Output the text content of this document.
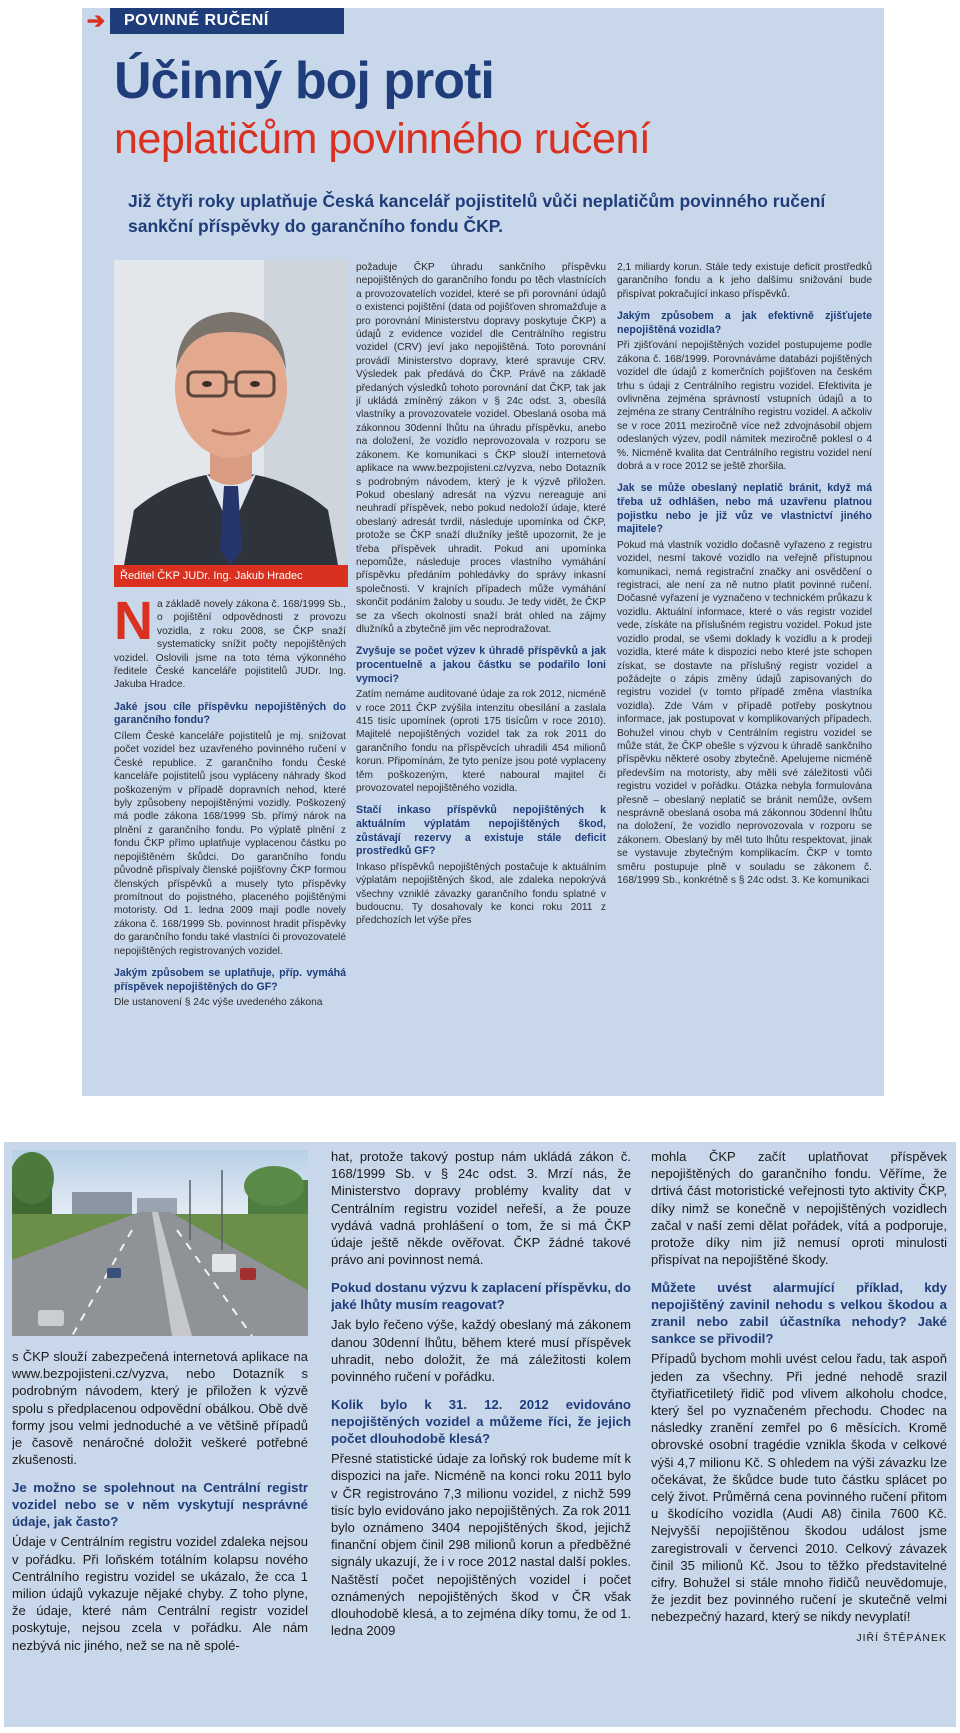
➔	POVINNÉ RUČENÍ
Účinný boj proti
neplatičům povinného ručení
Již čtyři roky uplatňuje Česká kancelář pojistitelů vůči neplatičům povinného ručení sankční příspěvky do garančního fondu ČKP.
Ředitel ČKP JUDr. Ing. Jakub Hradec

Na základě novely zákona č. 168/1999 Sb., o pojištění odpovědnosti z provozu vozidla, z roku 2008, se ČKP snaží systematicky snížit počty nepojištěných vozidel. Oslovili jsme na toto téma výkonného ředitele České kanceláře pojistitelů JUDr. Ing. Jakuba Hradce.

Jaké jsou cíle příspěvku nepojištěných do garančního fondu?

Cílem České kanceláře pojistitelů je mj. snižovat počet vozidel bez uzavřeného povinného ručení v České republice. Z garančního fondu České kanceláře pojistitelů jsou vypláceny náhrady škod poškozeným v případě dopravních nehod, které byly způsobeny nepojištěnými vozidly. Poškozený má podle zákona 168/1999 Sb. přímý nárok na plnění z garančního fondu. Po výplatě plnění z fondu ČKP přímo uplatňuje vyplacenou částku po nepojištěném škůdci. Do garančního fondu původně přispívaly členské pojišťovny ČKP formou členských příspěvků a musely tyto příspěvky promítnout do pojistného, placeného pojištěnými motoristy. Od 1. ledna 2009 mají podle novely zákona č. 168/1999 Sb. povinnost hradit příspěvky do garančního fondu také vlastníci či provozovatelé nepojištěných registrovaných vozidel.

Jakým způsobem se uplatňuje, příp. vymáhá příspěvek nepojištěných do GF?

Dle ustanovení § 24c výše uvedeného zákona

požaduje ČKP úhradu sankčního příspěvku nepojištěných do garančního fondu po těch vlastnících a provozovatelích vozidel, které se při porovnání údajů o existenci pojištění (data od pojišťoven shromažďuje a pro porovnání Ministerstvu dopravy poskytuje ČKP) a údajů z evidence vozidel dle Centrálního registru vozidel (CRV) jeví jako nepojištěná. Toto porovnání provádí Ministerstvo dopravy, které spravuje CRV. Výsledek pak předává do ČKP. Právě na základě předaných výsledků tohoto porovnání dat ČKP, tak jak jí ukládá zmíněný zákon v § 24c odst. 3, obesílá vlastníky a provozovatele vozidel. Obeslaná osoba má zákonnou 30denní lhůtu na úhradu příspěvku, anebo na doložení, že vozidlo neprovozovala v rozporu se zákonem. Ke komunikaci s ČKP slouží internetová aplikace na www.bezpojisteni.cz/vyzva, nebo Dotazník s podrobným návodem, který je k výzvě přiložen. Pokud obeslaný adresát na výzvu nereaguje ani neuhradí příspěvek, nebo pokud nedoloží údaje, které obeslaný adresát tvrdil, následuje upomínka od ČKP, protože se ČKP snaží dlužníky ještě upozornit, že je třeba příspěvek uhradit. Pokud ani upomínka nepomůže, následuje proces vlastního vymáhání příspěvku předáním pohledávky do správy inkasní společnosti. V krajních případech může vymáhání skončit podáním žaloby u soudu. Je tedy vidět, že ČKP se za všech okolností snaží brát ohled na zájmy dlužníků a zbytečně jim věc neprodražovat.

Zvyšuje se počet výzev k úhradě příspěvků a jak procentuelně a jakou částku se podařilo loni vymoci?

Zatím nemáme auditované údaje za rok 2012, nicméně v roce 2011 ČKP zvýšila intenzitu obesílání a zaslala 415 tisíc upomínek (oproti 175 tisícům v roce 2010). Majitelé nepojištěných vozidel tak za rok 2011 do garančního fondu na příspěvcích uhradili 454 milionů korun. Připomínám, že tyto peníze jsou poté vyplaceny těm poškozeným, které naboural majitel či provozovatel nepojištěného vozidla.

Stačí inkaso příspěvků nepojištěných k aktuálním výplatám nepojištěných škod, zůstávají rezervy a existuje stále deficit prostředků GF?

Inkaso příspěvků nepojištěných postačuje k aktuálním výplatám nepojištěných škod, ale zdaleka nepokrývá všechny vzniklé závazky garančního fondu splatné v budoucnu. Ty dosahovaly ke konci roku 2011 z předchozích let výše přes

2,1 miliardy korun. Stále tedy existuje deficit prostředků garančního fondu a k jeho dalšímu snižování bude přispívat pokračující inkaso příspěvků.

Jakým způsobem a jak efektivně zjišťujete nepojištěná vozidla?

Při zjišťování nepojištěných vozidel postupujeme podle zákona č. 168/1999. Porovnáváme databázi pojištěných vozidel dle údajů z komerčních pojišťoven na českém trhu s údaji z Centrálního registru vozidel. Efektivita je ovlivněna zejména správností vstupních údajů a to zejména ze strany Centrálního registru vozidel. A ačkoliv se v roce 2011 meziročně více než zdvojnásobil objem odeslaných výzev, podíl námitek meziročně poklesl o 4 %. Nicméně kvalita dat Centrálního registru vozidel není dobrá a v roce 2012 se ještě zhoršila.

Jak se může obeslaný neplatič bránit, když má třeba už odhlášen, nebo má uzavřenu platnou pojistku nebo je již vůz ve vlastnictví jiného majitele?

Pokud má vlastník vozidlo dočasně vyřazeno z registru vozidel, nesmí takové vozidlo na veřejně přístupnou komunikaci, nemá registrační značky ani osvědčení o registraci, ale není za ně nutno platit povinné ručení. Dočasné vyřazení je vyznačeno v technickém průkazu k vozidlu. Aktuální informace, které o vás registr vozidel vede, získáte na příslušném registru vozidel. Pokud jste vozidlo prodal, se všemi doklady k vozidlu a k prodeji vozidla, které máte k dispozici nebo které jste schopen získat, se dostavte na příslušný registr vozidel a požádejte o zápis změny údajů zapisovaných do registru vozidel (v tomto případě změna vlastníka vozidla). Zde Vám v případě potřeby poskytnou informace, jak postupovat v komplikovaných případech. Bohužel vinou chyb v Centrálním registru vozidel se může stát, že ČKP obešle s výzvou k úhradě sankčního příspěvku některé osoby zbytečně. Apelujeme nicméně především na motoristy, aby měli své záležitosti vůči registru vozidel v pořádku. Otázka nebyla formulována přesně – obeslaný neplatič se bránit nemůže, ovšem nesprávně obeslaná osoba má zákonnou 30denní lhůtu na doložení, že vozidlo neprovozovala v rozporu se zákonem. Obeslaný by měl tuto lhůtu respektovat, jinak se vystavuje zbytečným komplikacím. ČKP v tomto směru postupuje plně v souladu se zákonem č. 168/1999 Sb., konkrétně s § 24c odst. 3. Ke komunikaci

s ČKP slouží zabezpečená internetová aplikace na www.bezpojisteni.cz/vyzva, nebo Dotazník s podrobným návodem, který je přiložen k výzvě spolu s předplacenou odpovědní obálkou. Obě dvě formy jsou velmi jednoduché a ve většině případů je časově nenáročné doložit veškeré potřebné zkušenosti.

Je možno se spolehnout na Centrální registr vozidel nebo se v něm vyskytují nesprávné údaje, jak často?

Údaje v Centrálním registru vozidel zdaleka nejsou v pořádku. Při loňském totálním kolapsu nového Centrálního registru vozidel se ukázalo, že cca 1 milion údajů vykazuje nějaké chyby. Z toho plyne, že údaje, které nám Centrální registr vozidel poskytuje, nejsou zcela v pořádku. Ale nám nezbývá nic jiného, než se na ně spolé-

hat, protože takový postup nám ukládá zákon č. 168/1999 Sb. v § 24c odst. 3. Mrzí nás, že Ministerstvo dopravy problémy kvality dat v Centrálním registru vozidel neřeší, a že pouze vydává vadná prohlášení o tom, že si má ČKP údaje ještě někde ověřovat. ČKP žádné takové právo ani povinnost nemá.

Pokud dostanu výzvu k zaplacení příspěvku, do jaké lhůty musím reagovat?

Jak bylo řečeno výše, každý obeslaný má zákonem danou 30denní lhůtu, během které musí příspěvek uhradit, nebo doložit, že má záležitosti kolem povinného ručení v pořádku.

Kolik bylo k 31. 12. 2012 evidováno nepojištěných vozidel a můžeme říci, že jejich počet dlouhodobě klesá?

Přesné statistické údaje za loňský rok budeme mít k dispozici na jaře. Nicméně na konci roku 2011 bylo v ČR registrováno 7,3 milionu vozidel, z nichž 599 tisíc bylo evidováno jako nepojištěných. Za rok 2011 bylo oznámeno 3404 nepojištěných škod, jejichž finanční objem činil 298 milionů korun a předběžné signály ukazují, že i v roce 2012 nastal další pokles. Naštěstí počet nepojištěných vozidel i počet oznámených nepojištěných škod v ČR však dlouhodobě klesá, a to zejména díky tomu, že od 1. ledna 2009

mohla ČKP začít uplatňovat příspěvek nepojištěných do garančního fondu. Věříme, že drtivá část motoristické veřejnosti tyto aktivity ČKP, díky nimž se konečně v nepojištěných vozidlech začal v naší zemi dělat pořádek, vítá a podporuje, protože díky nim již nemusí oproti minulosti přispívat na nepojištěné škody.

Můžete uvést alarmující příklad, kdy nepojištěný zavinil nehodu s velkou škodou a zranil nebo zabil účastníka nehody? Jaké sankce se přivodil?

Případů bychom mohli uvést celou řadu, tak aspoň jeden za všechny. Při jedné nehodě srazil čtyřiatřicetiletý řidič pod vlivem alkoholu chodce, který šel po vyznačeném přechodu. Chodec na následky zranění zemřel po 6 měsících. Kromě obrovské osobní tragédie vznikla škoda v celkové výši 4,7 milionu Kč. S ohledem na výši závazku lze očekávat, že škůdce bude tuto částku splácet po celý život. Průměrná cena povinného ručení přitom u škodícího vozidla (Audi A8) činila 7600 Kč. Nejvyšší nepojištěnou škodou událost jsme zaregistrovali v červenci 2010. Celkový závazek činil 35 milionů Kč. Jsou to těžko představitelné cifry. Bohužel si stále mnoho řidičů neuvědomuje, že jezdit bez povinného ručení je skutečně velmi nebezpečný hazard, který se nikdy nevyplatí!

JIŘÍ ŠTĚPÁNEK
